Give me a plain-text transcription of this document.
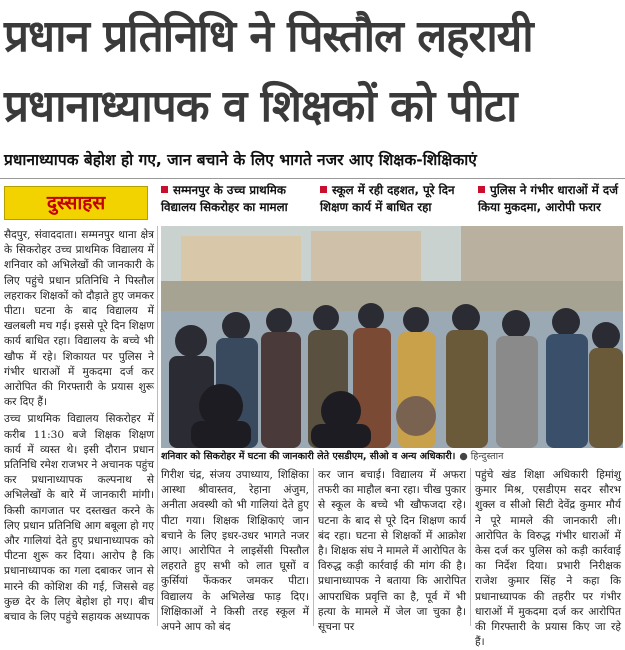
प्रधान प्रतिनिधि ने पिस्तौल लहरायी
प्रधानाध्यापक व शिक्षकों को पीटा
प्रधानाध्यापक बेहोश हो गए, जान बचाने के लिए भागते नजर आए शिक्षक-शिक्षिकाएं
दुस्साहस
सम्मनपुर के उच्च प्राथमिक विद्यालय सिकरोहर का मामला
स्कूल में रही दहशत, पूरे दिन शिक्षण कार्य में बाधित रहा
पुलिस ने गंभीर धाराओं में दर्ज किया मुकदमा, आरोपी फरार

सैदपुर, संवाददाता। सम्मनपुर थाना क्षेत्र के सिकरोहर उच्च प्राथमिक विद्यालय में शनिवार को अभिलेखों की जानकारी के लिए पहुंचे प्रधान प्रतिनिधि ने पिस्तौल लहराकर शिक्षकों को दौड़ाते हुए जमकर पीटा। घटना के बाद विद्यालय में खलबली मच गई। इससे पूरे दिन शिक्षण कार्य बाधित रहा। विद्यालय के बच्चे भी खौफ में रहे। शिकायत पर पुलिस ने गंभीर धाराओं में मुकदमा दर्ज कर आरोपित की गिरफ्तारी के प्रयास शुरू कर दिए हैं।

उच्च प्राथमिक विद्यालय सिकरोहर में करीब 11:30 बजे शिक्षक शिक्षण कार्य में व्यस्त थे। इसी दौरान प्रधान प्रतिनिधि रमेश राजभर ने अचानक पहुंच कर प्रधानाध्यापक कल्पनाथ से अभिलेखों के बारे में जानकारी मांगी। किसी कागजात पर दस्तखत करने के लिए प्रधान प्रतिनिधि आग बबूला हो गए और गालियां देते हुए प्रधानाध्यापक को पीटना शुरू कर दिया। आरोप है कि प्रधानाध्यापक का गला दबाकर जान से मारने की कोशिश की गई, जिससे वह कुछ देर के लिए बेहोश हो गए। बीच बचाव के लिए पहुंचे सहायक अध्यापक

शनिवार को सिकरोहर में घटना की जानकारी लेते एसडीएम, सीओ व अन्य अधिकारी। ● हिन्दुस्तान

गिरीश चंद्र, संजय उपाध्याय, शिक्षिका आस्था श्रीवास्तव, रेहाना अंजुम, अनीता अवस्थी को भी गालियां देते हुए पीटा गया। शिक्षक शिक्षिकाएं जान बचाने के लिए इधर-उधर भागते नजर आए। आरोपित ने लाइसेंसी पिस्तौल लहराते हुए सभी को लात घूसों व कुर्सियां फेंककर जमकर पीटा। विद्यालय के अभिलेख फाड़ दिए। शिक्षिकाओं ने किसी तरह स्कूल में अपने आप को बंद

कर जान बचाई। विद्यालय में अफरा तफरी का माहौल बना रहा। चीख पुकार से स्कूल के बच्चे भी खौफजदा रहे। घटना के बाद से पूरे दिन शिक्षण कार्य बंद रहा। घटना से शिक्षकों में आक्रोश है। शिक्षक संघ ने मामले में आरोपित के विरुद्ध कड़ी कार्रवाई की मांग की है। प्रधानाध्यापक ने बताया कि आरोपित आपराधिक प्रवृत्ति का है, पूर्व में भी हत्या के मामले में जेल जा चुका है। सूचना पर

पहुंचे खंड शिक्षा अधिकारी हिमांशु कुमार मिश्र, एसडीएम सदर सौरभ शुक्ल व सीओ सिटी देवेंद्र कुमार मौर्य ने पूरे मामले की जानकारी ली। आरोपित के विरुद्ध गंभीर धाराओं में केस दर्ज कर पुलिस को कड़ी कार्रवाई का निर्देश दिया। प्रभारी निरीक्षक राजेश कुमार सिंह ने कहा कि प्रधानाध्यापक की तहरीर पर गंभीर धाराओं में मुकदमा दर्ज कर आरोपित की गिरफ्तारी के प्रयास किए जा रहे हैं।
